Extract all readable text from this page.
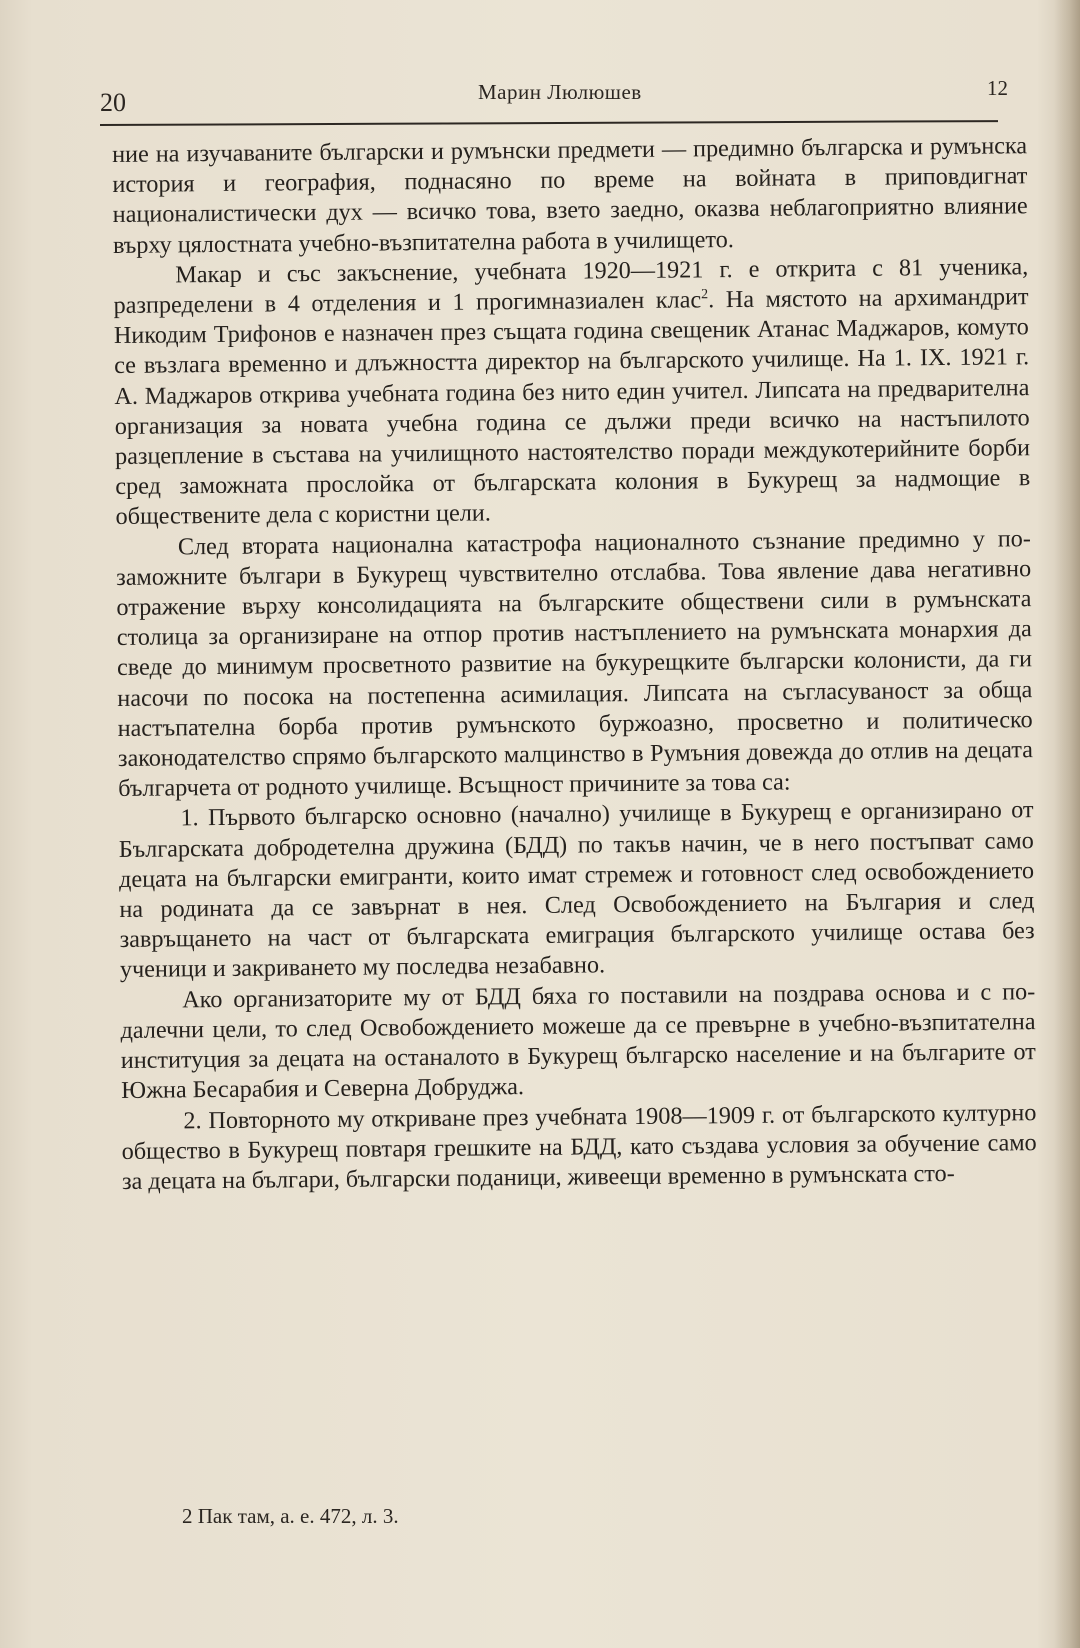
20	Марин Люлюшев	12

ние на изучаваните български и румънски предмети — предимно българска и румънска история и география, поднасяно по време на войната в приповдигнат националистически дух — всичко това, взето заедно, оказва неблагоприятно влияние върху цялостната учебно-възпитателна работа в училището.

Макар и със закъснение, учебната 1920—1921 г. е открита с 81 ученика, разпределени в 4 отделения и 1 прогимназиален клас$^2$. На мястото на архимандрит Никодим Трифонов е назначен през същата година свещеник Атанас Маджаров, комуто се възлага временно и длъжността директор на българското училище. На 1. IX. 1921 г. А. Маджаров открива учебната година без нито един учител. Липсата на предварителна организация за новата учебна година се дължи преди всичко на настъпилото разцепление в състава на училищното настоятелство поради междукотерийните борби сред заможната прослойка от българската колония в Букурещ за надмощие в обществените дела с користни цели.

След втората национална катастрофа националното съзнание предимно у по-заможните българи в Букурещ чувствително отслабва. Това явление дава негативно отражение върху консолидацията на българските обществени сили в румънската столица за организиране на отпор против настъплението на румънската монархия да сведе до минимум просветното развитие на букурещките български колонисти, да ги насочи по посока на постепенна асимилация. Липсата на съгласуваност за обща настъпателна борба против румънското буржоазно, просветно и политическо законодателство спрямо българското малцинство в Румъния довежда до отлив на децата българчета от родното училище. Всъщност причините за това са:

1. Първото българско основно (начално) училище в Букурещ е организирано от Българската добродетелна дружина (БДД) по такъв начин, че в него постъпват само децата на български емигранти, които имат стремеж и готовност след освобождението на родината да се завърнат в нея. След Освобождението на България и след завръщането на част от българската емиграция българското училище остава без ученици и закриването му последва незабавно.

Ако организаторите му от БДД бяха го поставили на поздрава основа и с по-далечни цели, то след Освобождението можеше да се превърне в учебно-възпитателна институция за децата на останалото в Букурещ българско население и на българите от Южна Бесарабия и Северна Добруджа.

2. Повторното му откриване през учебната 1908—1909 г. от българското културно общество в Букурещ повтаря грешките на БДД, като създава условия за обучение само за децата на българи, български поданици, живеещи временно в румънската сто-

2 Пак там, а. е. 472, л. 3.
